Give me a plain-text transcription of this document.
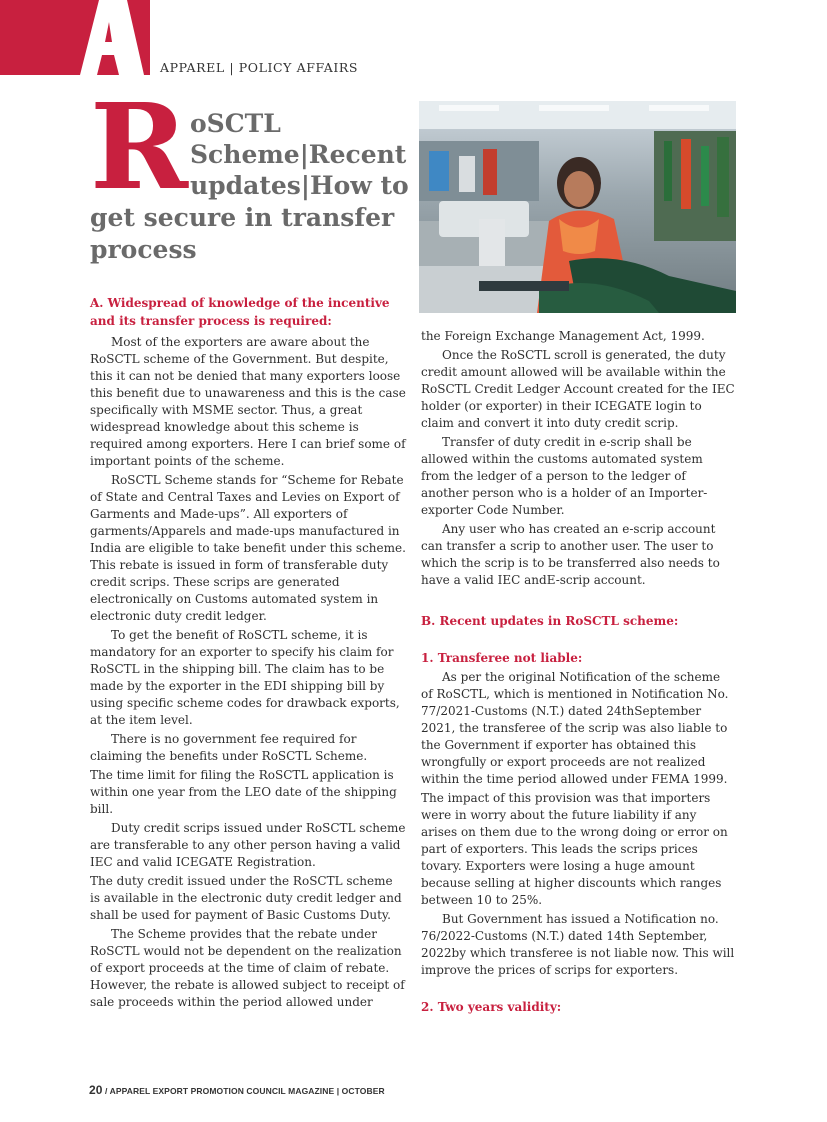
APPAREL | POLICY AFFAIRS
R oSCTL
Scheme|Recent
updates|How to
get secure in transfer
process
A. Widespread of knowledge of the incentive and its transfer process is required:

Most of the exporters are aware about the RoSCTL scheme of the Government. But despite, this it can not be denied that many exporters loose this benefit due to unawareness and this is the case specifically with MSME sector. Thus, a great widespread knowledge about this scheme is required among exporters. Here I can brief some of important points of the scheme.

RoSCTL Scheme stands for “Scheme for Rebate of State and Central Taxes and Levies on Export of Garments and Made-ups”. All exporters of garments/Apparels and made-ups manufactured in India are eligible to take benefit under this scheme. This rebate is issued in form of transferable duty credit scrips. These scrips are generated electronically on Customs automated system in electronic duty credit ledger.

To get the benefit of RoSCTL scheme, it is mandatory for an exporter to specify his claim for RoSCTL in the shipping bill. The claim has to be made by the exporter in the EDI shipping bill by using specific scheme codes for drawback exports, at the item level.

There is no government fee required for claiming the benefits under RoSCTL Scheme.

The time limit for filing the RoSCTL application is within one year from the LEO date of the shipping bill.

Duty credit scrips issued under RoSCTL scheme are transferable to any other person having a valid IEC and valid ICEGATE Registration.

The duty credit issued under the RoSCTL scheme is available in the electronic duty credit ledger and shall be used for payment of Basic Customs Duty.

The Scheme provides that the rebate under RoSCTL would not be dependent on the realization of export proceeds at the time of claim of rebate. However, the rebate is allowed subject to receipt of sale proceeds within the period allowed under

the Foreign Exchange Management Act, 1999.

Once the RoSCTL scroll is generated, the duty credit amount allowed will be available within the RoSCTL Credit Ledger Account created for the IEC holder (or exporter) in their ICEGATE login to claim and convert it into duty credit scrip.

Transfer of duty credit in e-scrip shall be allowed within the customs automated system from the ledger of a person to the ledger of another person who is a holder of an Importer-exporter Code Number.

Any user who has created an e-scrip account can transfer a scrip to another user. The user to which the scrip is to be transferred also needs to have a valid IEC andE-scrip account.

B. Recent updates in RoSCTL scheme:
1. Transferee not liable:

As per the original Notification of the scheme of RoSCTL, which is mentioned in Notification No. 77/2021-Customs (N.T.) dated 24thSeptember 2021, the transferee of the scrip was also liable to the Government if exporter has obtained this wrongfully or export proceeds are not realized within the time period allowed under FEMA 1999.

The impact of this provision was that importers were in worry about the future liability if any arises on them due to the wrong doing or error on part of exporters. This leads the scrips prices tovary. Exporters were losing a huge amount because selling at higher discounts which ranges between 10 to 25%.

But Government has issued a Notification no. 76/2022-Customs (N.T.) dated 14th September, 2022by which transferee is not liable now. This will improve the prices of scrips for exporters.

2. Two years validity:
20 / APPAREL EXPORT PROMOTION COUNCIL MAGAZINE | OCTOBER
